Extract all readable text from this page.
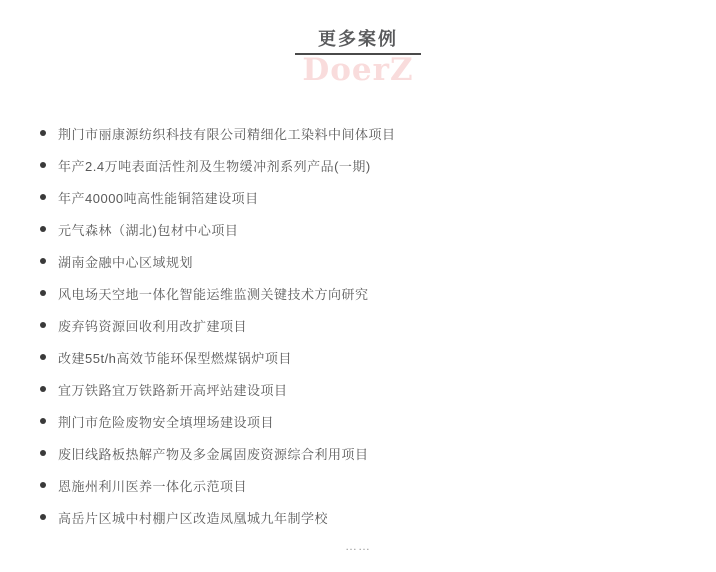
更多案例
DoerZ
荆门市丽康源纺织科技有限公司精细化工染料中间体项目
年产2.4万吨表面活性剂及生物缓冲剂系列产品(一期)
年产40000吨高性能铜箔建设项目
元气森林（湖北)包材中心项目
湖南金融中心区域规划
风电场天空地一体化智能运维监测关键技术方向研究
废弃钨资源回收利用改扩建项目
改建55t/h高效节能环保型燃煤锅炉项目
宜万铁路宜万铁路新开高坪站建设项目
荆门市危险废物安全填埋场建设项目
废旧线路板热解产物及多金属固废资源综合利用项目
恩施州利川医养一体化示范项目
高岳片区城中村棚户区改造凤凰城九年制学校
……
